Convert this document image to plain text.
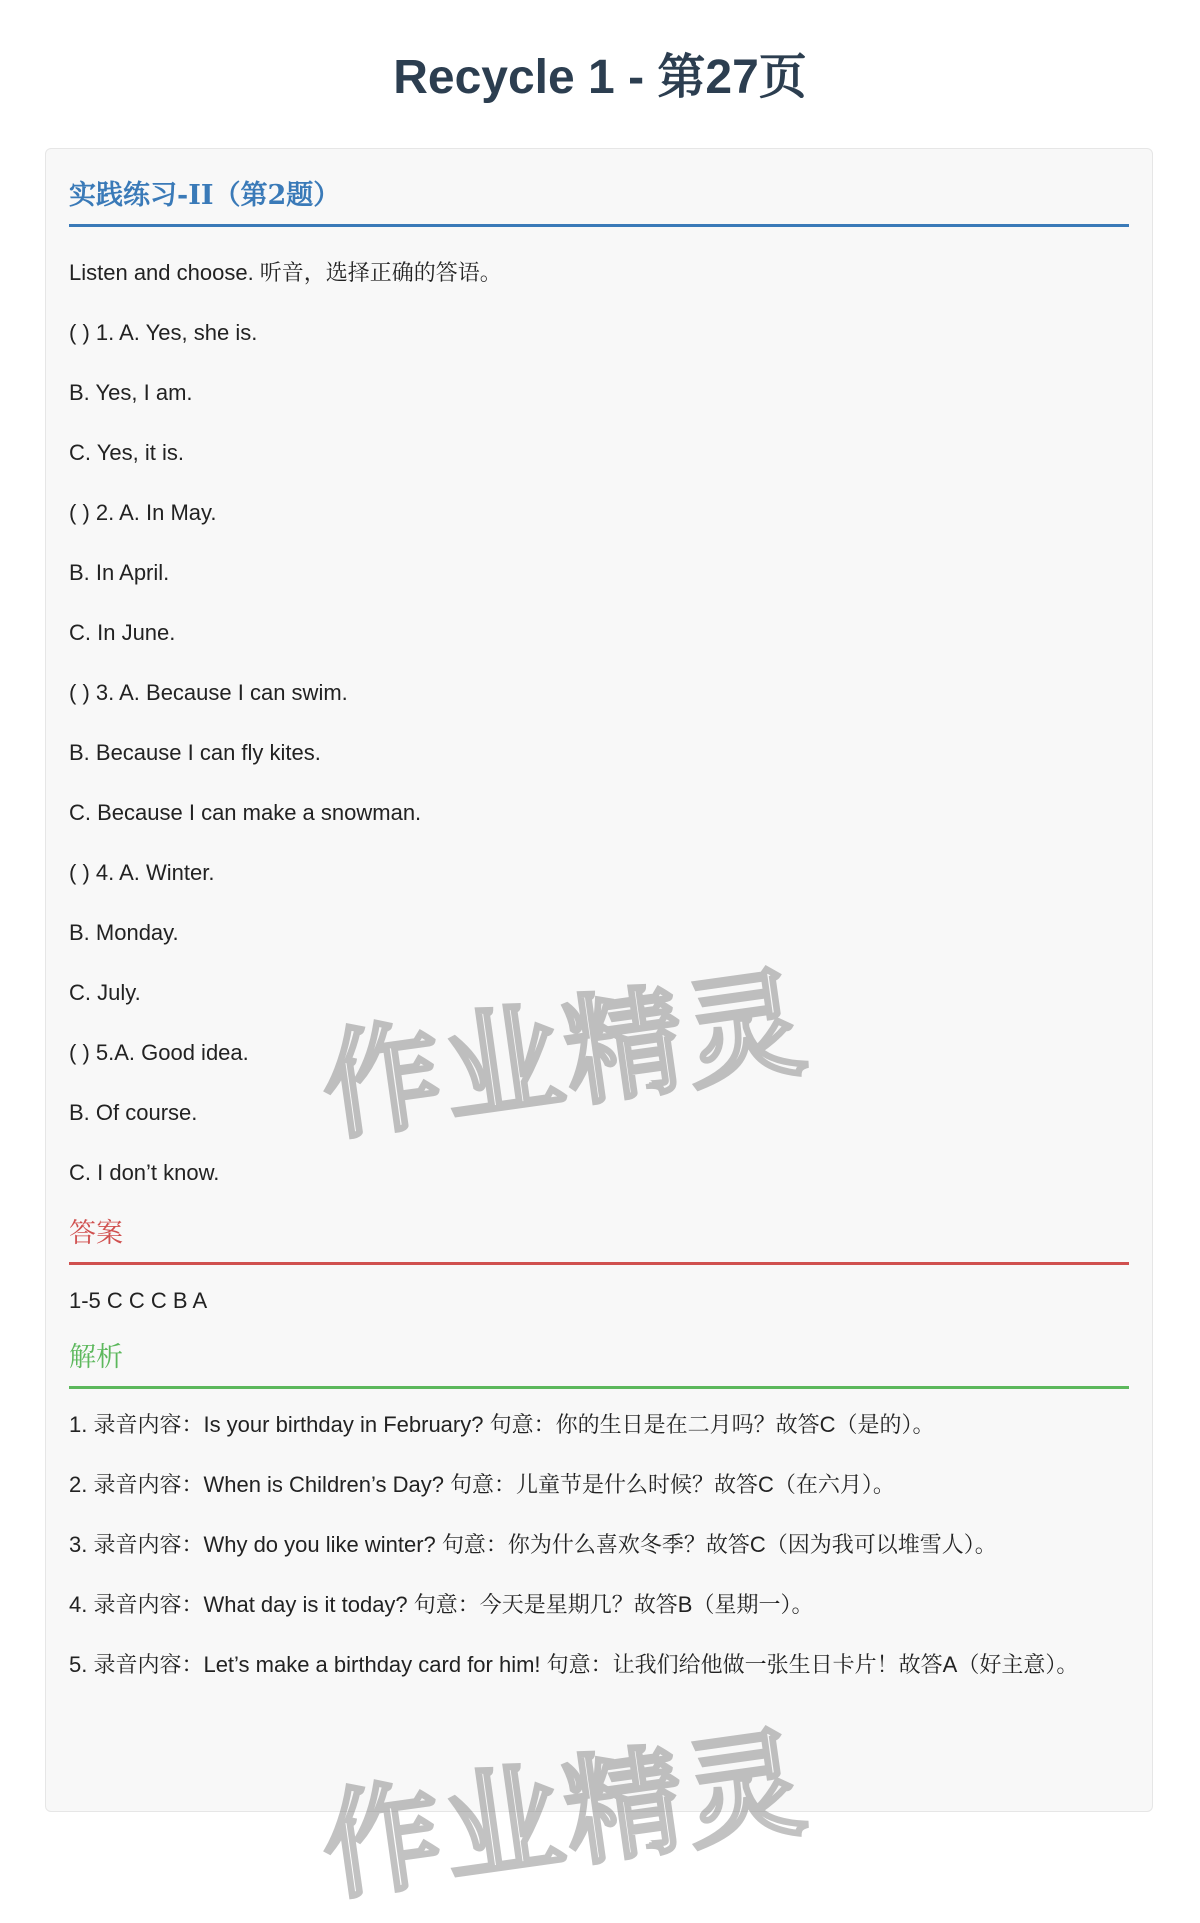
Recycle 1 - 第27页
实践练习-II（第2题）

Listen and choose. 听音，选择正确的答语。

( ) 1. A. Yes, she is.

B. Yes, I am.

C. Yes, it is.

( ) 2. A. In May.

B. In April.

C. In June.

( ) 3. A. Because I can swim.

B. Because I can fly kites.

C. Because I can make a snowman.

( ) 4. A. Winter.

B. Monday.

C. July.

( ) 5.A. Good idea.

B. Of course.

C. I don’t know.

答案

1-5 C C C B A

解析

1. 录音内容：Is your birthday in February? 句意：你的生日是在二月吗？故答C（是的）。

2. 录音内容：When is Children’s Day? 句意：儿童节是什么时候？故答C（在六月）。

3. 录音内容：Why do you like winter? 句意：你为什么喜欢冬季？故答C（因为我可以堆雪人）。

4. 录音内容：What day is it today? 句意：今天是星期几？故答B（星期一）。

5. 录音内容：Let’s make a birthday card for him! 句意：让我们给他做一张生日卡片！故答A（好主意）。

作业精灵
